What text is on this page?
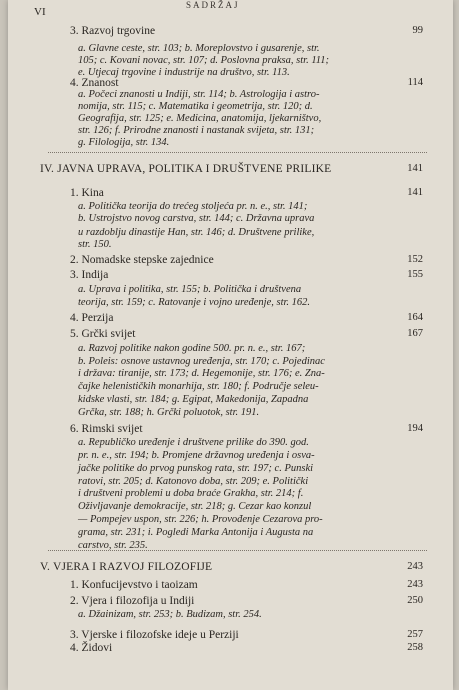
SADRŽAJ
VI
3. Razvoj trgovine	99
a. Glavne ceste, str. 103; b. Moreplovstvo i gusarenje, str.
105; c. Kovani novac, str. 107; d. Poslovna praksa, str. 111;
e. Utjecaj trgovine i industrije na društvo, str. 113.
4. Znanost	114
a. Počeci znanosti u Indiji, str. 114; b. Astrologija i astro-
nomija, str. 115; c. Matematika i geometrija, str. 120; d.
Geografija, str. 125; e. Medicina, anatomija, ljekarništvo,
str. 126; f. Prirodne znanosti i nastanak svijeta, str. 131;
g. Filologija, str. 134.
IV. JAVNA UPRAVA, POLITIKA I DRUŠTVENE PRILIKE	141
1. Kina	141
a. Politička teorija do trećeg stoljeća pr. n. e., str. 141;
b. Ustrojstvo novog carstva, str. 144; c. Državna uprava
u razdoblju dinastije Han, str. 146; d. Društvene prilike,
str. 150.
2. Nomadske stepske zajednice	152
3. Indija	155
a. Uprava i politika, str. 155; b. Politička i društvena
teorija, str. 159; c. Ratovanje i vojno uređenje, str. 162.
4. Perzija	164
5. Grčki svijet	167
a. Razvoj politike nakon godine 500. pr. n. e., str. 167;
b. Poleis: osnove ustavnog uređenja, str. 170; c. Pojedinac
i država: tiranije, str. 173; d. Hegemonije, str. 176; e. Zna-
čajke helenističkih monarhija, str. 180; f. Područje seleu-
kidske vlasti, str. 184; g. Egipat, Makedonija, Zapadna
Grčka, str. 188; h. Grčki poluotok, str. 191.
6. Rimski svijet	194
a. Republičko uređenje i društvene prilike do 390. god.
pr. n. e., str. 194; b. Promjene državnog uređenja i osva-
jačke politike do prvog punskog rata, str. 197; c. Punski
ratovi, str. 205; d. Katonovo doba, str. 209; e. Politički
i društveni problemi u doba braće Grakha, str. 214; f.
Oživljavanje demokracije, str. 218; g. Cezar kao konzul
— Pompejev uspon, str. 226; h. Provođenje Cezarova pro-
grama, str. 231; i. Pogledi Marka Antonija i Augusta na
carstvo, str. 235.
V. VJERA I RAZVOJ FILOZOFIJE	243
1. Konfucijevstvo i taoizam	243
2. Vjera i filozofija u Indiji	250
a. Džainizam, str. 253; b. Budizam, str. 254.
3. Vjerske i filozofske ideje u Perziji	257
4. Židovi	258
